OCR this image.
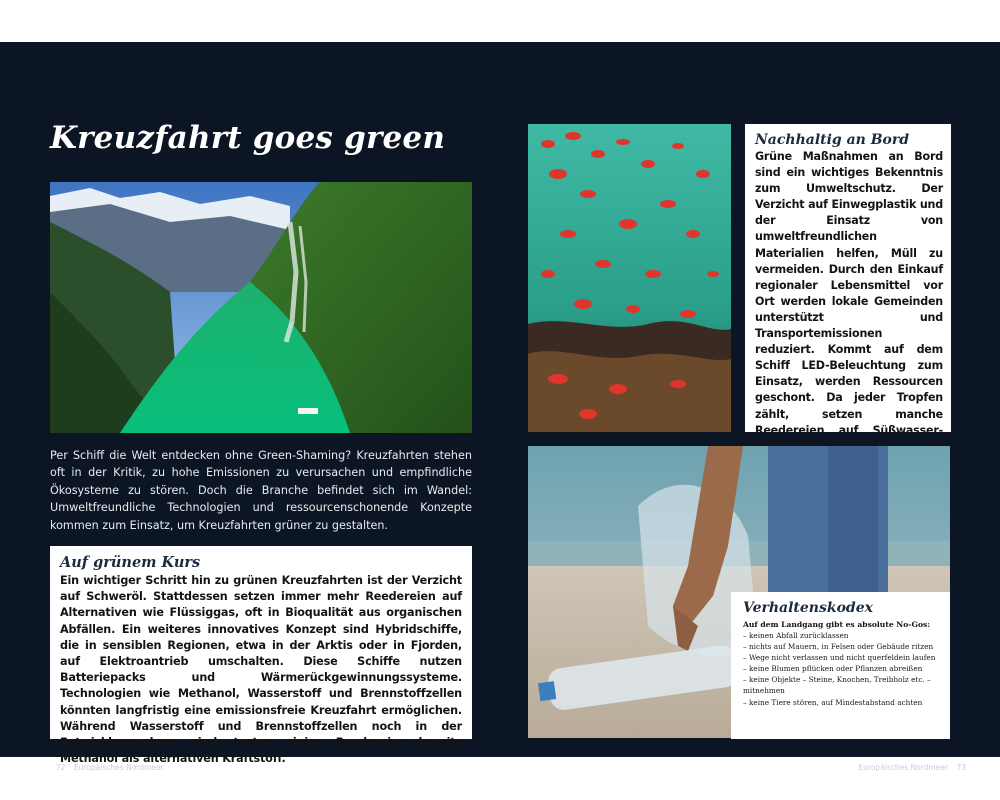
Kreuzfahrt goes green

Per Schiff die Welt entdecken ohne Green-Shaming? Kreuzfahrten stehen oft in der Kritik, zu hohe Emissionen zu verursachen und empfindliche Ökosysteme zu stören. Doch die Branche befindet sich im Wandel: Umweltfreundliche Technologien und ressourcenschonende Konzepte kommen zum Einsatz, um Kreuzfahrten grüner zu gestalten.

Auf grünem Kurs

Ein wichtiger Schritt hin zu grünen Kreuzfahrten ist der Verzicht auf Schweröl. Stattdessen setzen immer mehr Reedereien auf Alternativen wie Flüssiggas, oft in Bioqualität aus organischen Abfällen. Ein weiteres innovatives Konzept sind Hybridschiffe, die in sensiblen Regionen, etwa in der Arktis oder in Fjorden, auf Elektroantrieb umschalten. Diese Schiffe nutzen Batteriepacks und Wärmerückgewinnungssysteme. Technologien wie Methanol, Wasserstoff und Brennstoffzellen könnten langfristig eine emissionsfreie Kreuzfahrt ermöglichen. Während Wasserstoff und Brennstoffzellen noch in der Entwicklungsphase sind, testen einige Reedereien bereits Methanol als alternativen Kraftstoff.

Nachhaltig an Bord

Grüne Maßnahmen an Bord sind ein wichtiges Bekenntnis zum Umweltschutz. Der Verzicht auf Einwegplastik und der Einsatz von umweltfreundlichen Materialien helfen, Müll zu vermeiden. Durch den Einkauf regionaler Lebensmittel vor Ort werden lokale Gemeinden unterstützt und Transportemissionen reduziert. Kommt auf dem Schiff LED-Beleuchtung zum Einsatz, werden Ressourcen geschont. Da jeder Tropfen zählt, setzen manche Reedereien auf Süßwasser-

Verhaltenskodex
Auf dem Landgang gibt es absolute No-Gos:
– keinen Abfall zurücklassen
– nichts auf Mauern, in Felsen oder Gebäude ritzen
– Wege nicht verlassen und nicht querfeldein laufen
– keine Blumen pflücken oder Pflanzen abreißen
– keine Objekte – Steine, Knochen, Treibholz etc. – mitnehmen
– keine Tiere stören, auf Mindestabstand achten
72 Europäisches Nordmeer	Europäisches Nordmeer 73
